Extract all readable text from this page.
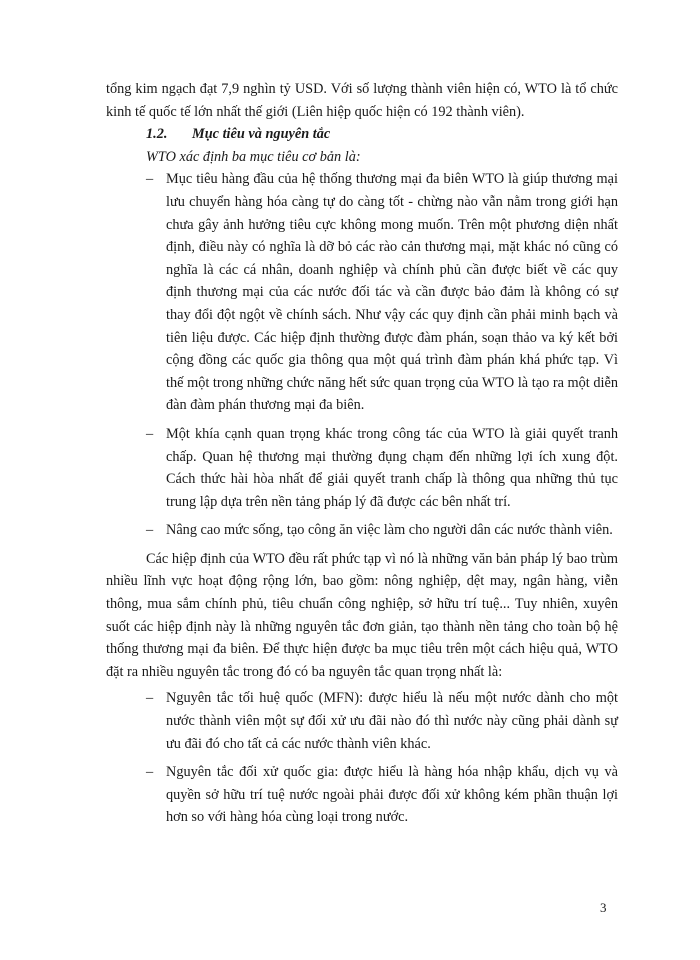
tổng kim ngạch đạt 7,9 nghìn tỷ USD. Với số lượng thành viên hiện có, WTO là tổ chức kinh tế quốc tế lớn nhất thế giới (Liên hiệp quốc hiện có 192 thành viên).

1.2. Mục tiêu và nguyên tắc

WTO xác định ba mục tiêu cơ bản là:

– Mục tiêu hàng đầu của hệ thống thương mại đa biên WTO là giúp thương mại lưu chuyển hàng hóa càng tự do càng tốt - chừng nào vẫn nằm trong giới hạn chưa gây ảnh hưởng tiêu cực không mong muốn. Trên một phương diện nhất định, điều này có nghĩa là dỡ bỏ các rào cản thương mại, mặt khác nó cũng có nghĩa là các cá nhân, doanh nghiệp và chính phủ cần được biết về các quy định thương mại của các nước đối tác và cần được bảo đảm là không có sự thay đổi đột ngột về chính sách. Như vậy các quy định cần phải minh bạch và tiên liệu được. Các hiệp định thường được đàm phán, soạn thảo va ký kết bởi cộng đồng các quốc gia thông qua một quá trình đàm phán khá phức tạp. Vì thế một trong những chức năng hết sức quan trọng của WTO là tạo ra một diễn đàn đàm phán thương mại đa biên.
– Một khía cạnh quan trọng khác trong công tác của WTO là giải quyết tranh chấp. Quan hệ thương mại thường đụng chạm đến những lợi ích xung đột. Cách thức hài hòa nhất để giải quyết tranh chấp là thông qua những thủ tục trung lập dựa trên nền tảng pháp lý đã được các bên nhất trí.
– Nâng cao mức sống, tạo công ăn việc làm cho người dân các nước thành viên.

Các hiệp định của WTO đều rất phức tạp vì nó là những văn bản pháp lý bao trùm nhiều lĩnh vực hoạt động rộng lớn, bao gồm: nông nghiệp, dệt may, ngân hàng, viễn thông, mua sắm chính phủ, tiêu chuẩn công nghiệp, sở hữu trí tuệ... Tuy nhiên, xuyên suốt các hiệp định này là những nguyên tắc đơn giản, tạo thành nền tảng cho toàn bộ hệ thống thương mại đa biên. Để thực hiện được ba mục tiêu trên một cách hiệu quả, WTO đặt ra nhiều nguyên tắc trong đó có ba nguyên tắc quan trọng nhất là:

– Nguyên tắc tối huệ quốc (MFN): được hiểu là nếu một nước dành cho một nước thành viên một sự đối xử ưu đãi nào đó thì nước này cũng phải dành sự ưu đãi đó cho tất cả các nước thành viên khác.
– Nguyên tắc đối xử quốc gia: được hiểu là hàng hóa nhập khẩu, dịch vụ và quyền sở hữu trí tuệ nước ngoài phải được đối xử không kém phần thuận lợi hơn so với hàng hóa cùng loại trong nước.
3
